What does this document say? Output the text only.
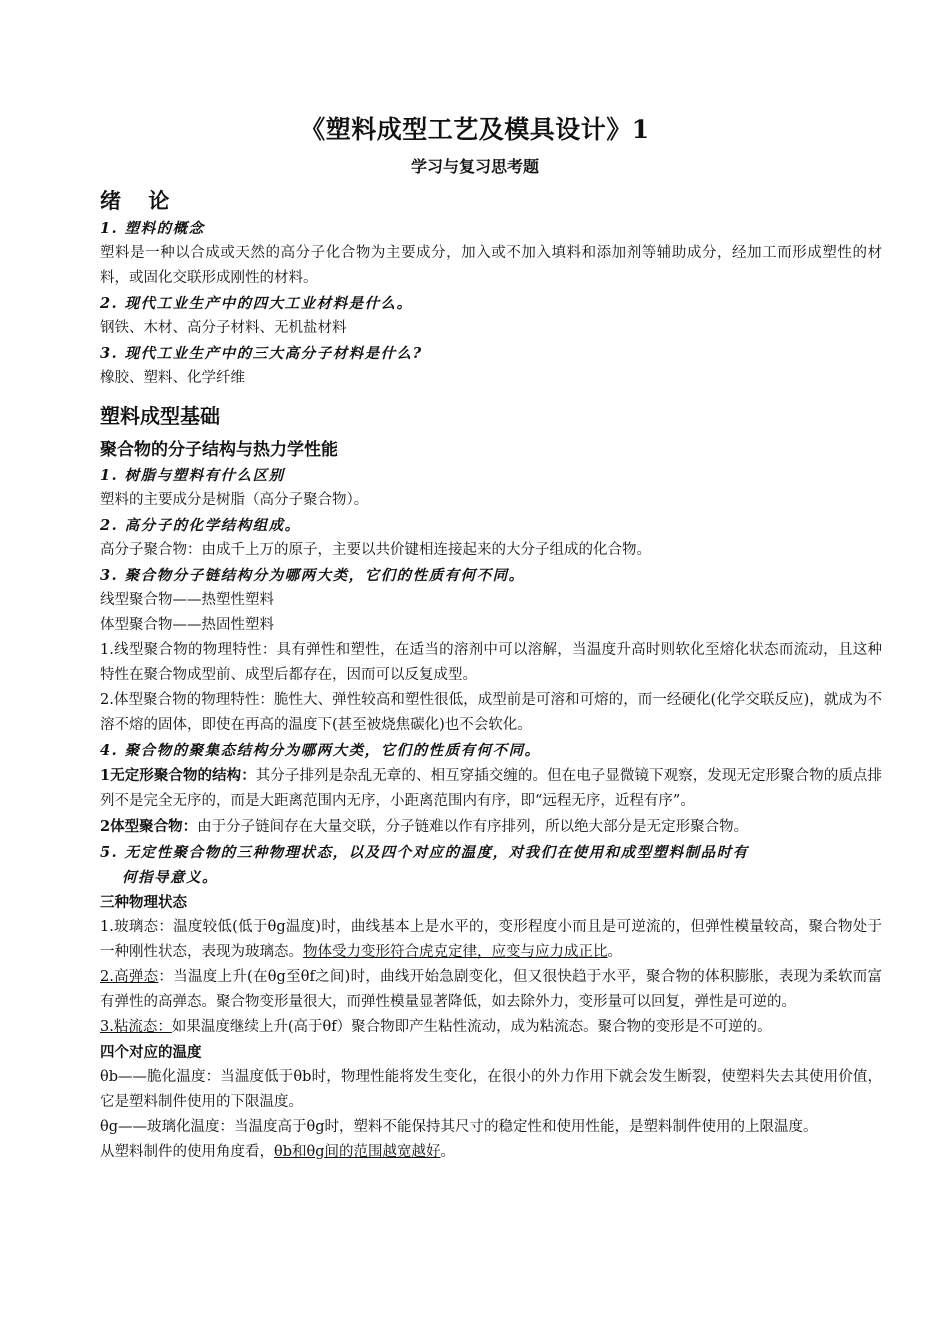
《塑料成型工艺及模具设计》1
学习与复习思考题
绪 论
1. 塑料的概念
塑料是一种以合成或天然的高分子化合物为主要成分，加入或不加入填料和添加剂等辅助成分，经加工而形成塑性的材料，或固化交联形成刚性的材料。
2. 现代工业生产中的四大工业材料是什么。
钢铁、木材、高分子材料、无机盐材料
3. 现代工业生产中的三大高分子材料是什么?
橡胶、塑料、化学纤维
塑料成型基础
聚合物的分子结构与热力学性能
1. 树脂与塑料有什么区别
塑料的主要成分是树脂（高分子聚合物）。
2. 高分子的化学结构组成。
高分子聚合物：由成千上万的原子，主要以共价键相连接起来的大分子组成的化合物。
3. 聚合物分子链结构分为哪两大类，它们的性质有何不同。
线型聚合物——热塑性塑料
体型聚合物——热固性塑料
1.线型聚合物的物理特性：具有弹性和塑性，在适当的溶剂中可以溶解，当温度升高时则软化至熔化状态而流动，且这种特性在聚合物成型前、成型后都存在，因而可以反复成型。
2.体型聚合物的物理特性：脆性大、弹性较高和塑性很低，成型前是可溶和可熔的，而一经硬化(化学交联反应)，就成为不溶不熔的固体，即使在再高的温度下(甚至被烧焦碳化)也不会软化。
4. 聚合物的聚集态结构分为哪两大类，它们的性质有何不同。
1无定形聚合物的结构：其分子排列是杂乱无章的、相互穿插交缠的。但在电子显微镜下观察，发现无定形聚合物的质点排列不是完全无序的，而是大距离范围内无序，小距离范围内有序，即“远程无序，近程有序”。
2体型聚合物：由于分子链间存在大量交联，分子链难以作有序排列，所以绝大部分是无定形聚合物。
5. 无定性聚合物的三种物理状态，以及四个对应的温度，对我们在使用和成型塑料制品时有
何指导意义。
三种物理状态
1.玻璃态：温度较低(低于θg温度)时，曲线基本上是水平的，变形程度小而且是可逆流的，但弹性模量较高，聚合物处于一种刚性状态，表现为玻璃态。物体受力变形符合虎克定律，应变与应力成正比。
2.高弹态：当温度上升(在θg至θf之间)时，曲线开始急剧变化，但又很快趋于水平，聚合物的体积膨胀，表现为柔软而富有弹性的高弹态。聚合物变形量很大，而弹性模量显著降低，如去除外力，变形量可以回复，弹性是可逆的。
3.粘流态：如果温度继续上升(高于θf）聚合物即产生粘性流动，成为粘流态。聚合物的变形是不可逆的。
四个对应的温度
θb——脆化温度：当温度低于θb时，物理性能将发生变化，在很小的外力作用下就会发生断裂，使塑料失去其使用价值，它是塑料制件使用的下限温度。
θg——玻璃化温度：当温度高于θg时，塑料不能保持其尺寸的稳定性和使用性能，是塑料制件使用的上限温度。
从塑料制件的使用角度看，θb和θg间的范围越宽越好。
